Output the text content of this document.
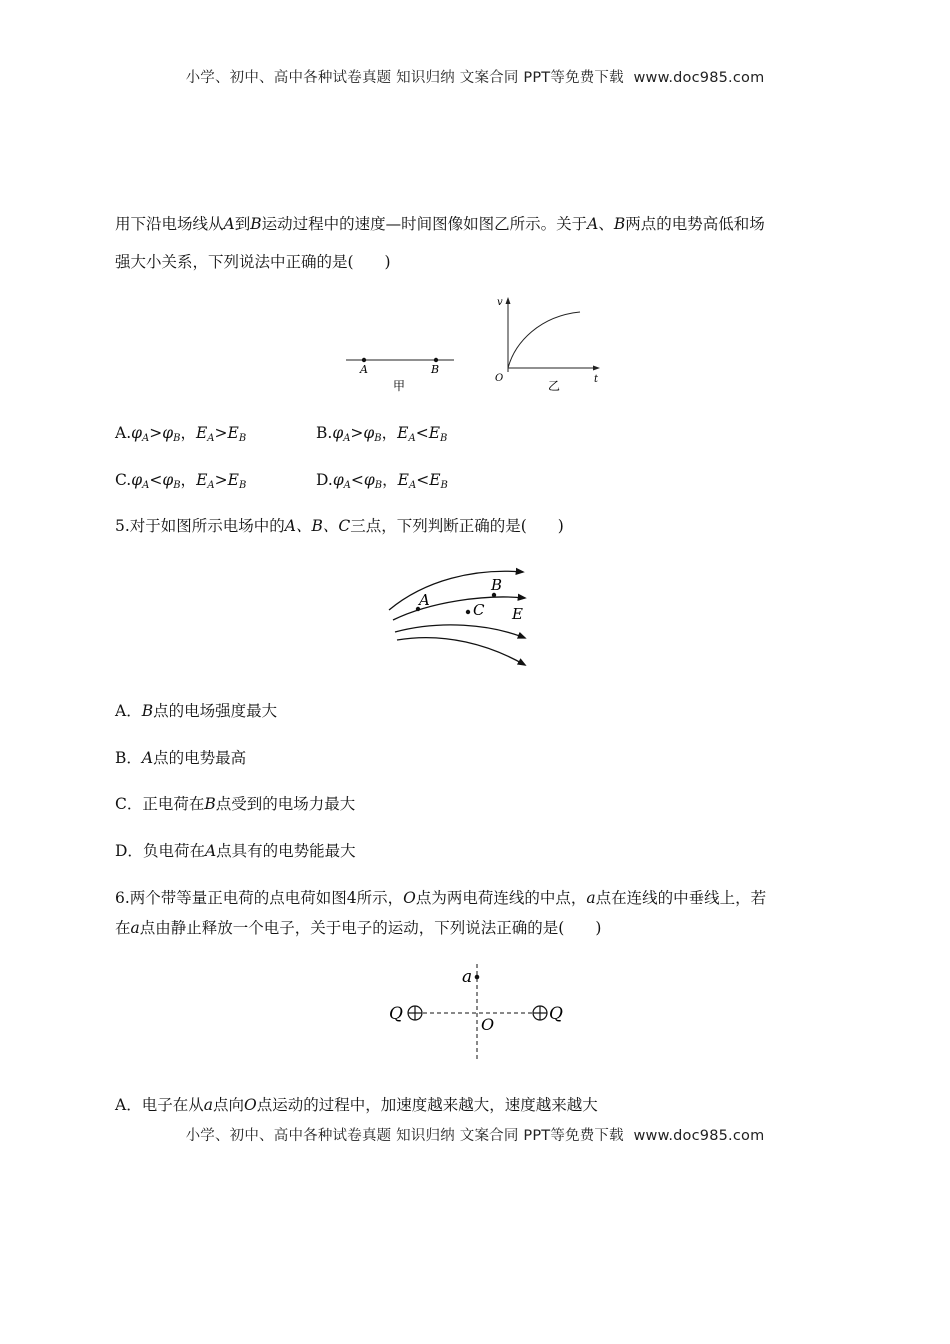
小学、初中、高中各种试卷真题 知识归纳 文案合同 PPT等免费下载 www.doc985.com
用下沿电场线从A到B运动过程中的速度—时间图像如图乙所示。关于A、B两点的电势高低和场
强大小关系，下列说法中正确的是(　　)
A	B
甲
v
t
O
乙
$A.\varphi_A>\varphi_B$，$E_A>E_B$	$B.\varphi_A>\varphi_B$，$E_A<E_B$
$C.\varphi_A<\varphi_B$，$E_A>E_B$	$D.\varphi_A<\varphi_B$，$E_A<E_B$
5.对于如图所示电场中的A、B、C三点，下列判断正确的是(　　)
A
B
C E
A．B点的电场强度最大
B．A点的电势最高
C．正电荷在B点受到的电场力最大
D．负电荷在A点具有的电势能最大
6.两个带等量正电荷的点电荷如图4所示，O点为两电荷连线的中点，a点在连线的中垂线上，若
在a点由静止释放一个电子，关于电子的运动，下列说法正确的是(　　)
a
O
Q	Q
A．电子在从a点向O点运动的过程中，加速度越来越大，速度越来越大
小学、初中、高中各种试卷真题 知识归纳 文案合同 PPT等免费下载 www.doc985.com
